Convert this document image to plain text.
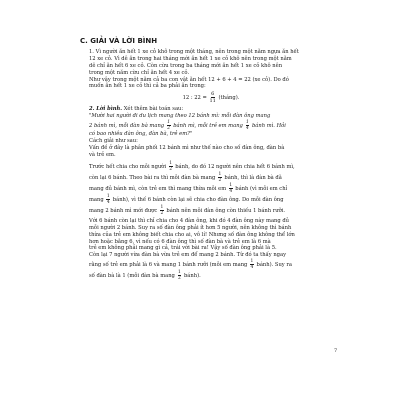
C. GIẢI VÀ LỜI BÌNH

1. Vì người ăn hết 1 xe cỏ khô trong một tháng, nên trong một năm ngựa ăn hết

12 xe cỏ. Vì dê ăn trong hai tháng mới ăn hết 1 xe cỏ khô nên trong một năm

dê chỉ ăn hết 6 xe cỏ. Còn cừu trong ba tháng mới ăn hết 1 xe cỏ khô nên

trong một năm cừu chỉ ăn hết 4 xe cỏ.

Như vậy trong một năm cả ba con vật ăn hết 12 + 6 + 4 = 22 (xe cỏ). Do đó

muốn ăn hết 1 xe cỏ thì cả ba phải ăn trong:

12 : $22 = \frac{6}{11}$ (tháng).

2. Lời bình. Xét thêm bài toán sau:

"Mười hai người đi du lịch mang theo 12 bánh mì: mỗi đàn ông mang

2 bánh mì, mỗi đàn bà mang $\frac{1}{2}$ bánh mì, mỗi trẻ em mang $\frac{1}{4}$ bánh mì. Hỏi

có bao nhiêu đàn ông, đàn bà, trẻ em?"

Cách giải như sau:

Vấn đề ở đây là phân phối 12 bánh mì như thế nào cho số đàn ông, đàn bà

và trẻ em.

Trước hết chia cho mỗi người $\frac{1}{2}$ bánh, do đó 12 người nên chia hết 6 bánh mì,

còn lại 6 bánh. Theo bài ra thì mỗi đàn bà mang $\frac{1}{2}$ bánh, thì là đàn bà đã

mang đủ bánh mì, còn trẻ em thì mang thừa mỗi em $\frac{1}{4}$ bánh (vì mỗi em chỉ

mang $\frac{1}{4}$ bánh), vì thế 6 bánh còn lại sẽ chia cho đàn ông. Do mỗi đàn ông

mang 2 bánh mì mới được $\frac{1}{2}$ bánh nên mỗi đàn ông còn thiếu 1 bánh rưỡi.

Với 6 bánh còn lại thì chỉ chia cho 4 đàn ông, khi đó 4 đàn ông này mang đủ

mỗi người 2 bánh. Suy ra số đàn ông phải ít hơn 5 người, nên không thì bánh

thừa của trẻ em không biết chia cho ai, vô lí! Nhưng số đàn ông không thể lớn

hơn hoặc bằng 6, vì nếu có 6 đàn ông thì số đàn bà và trẻ em là 6 mà

trẻ em không phải mang gì cả, trái với bài ra! Vậy số đàn ông phải là 5.

Còn lại 7 người vừa đàn bà vừa trẻ em để mang 2 bánh. Từ đó ta thấy ngay

rằng số trẻ em phải là 6 và mang 1 bánh rưỡi (mỗi em mang $\frac{1}{4}$ bánh). Suy ra

số đàn bà là 1 (mỗi đàn bà mang $\frac{1}{2}$ bánh).

7
